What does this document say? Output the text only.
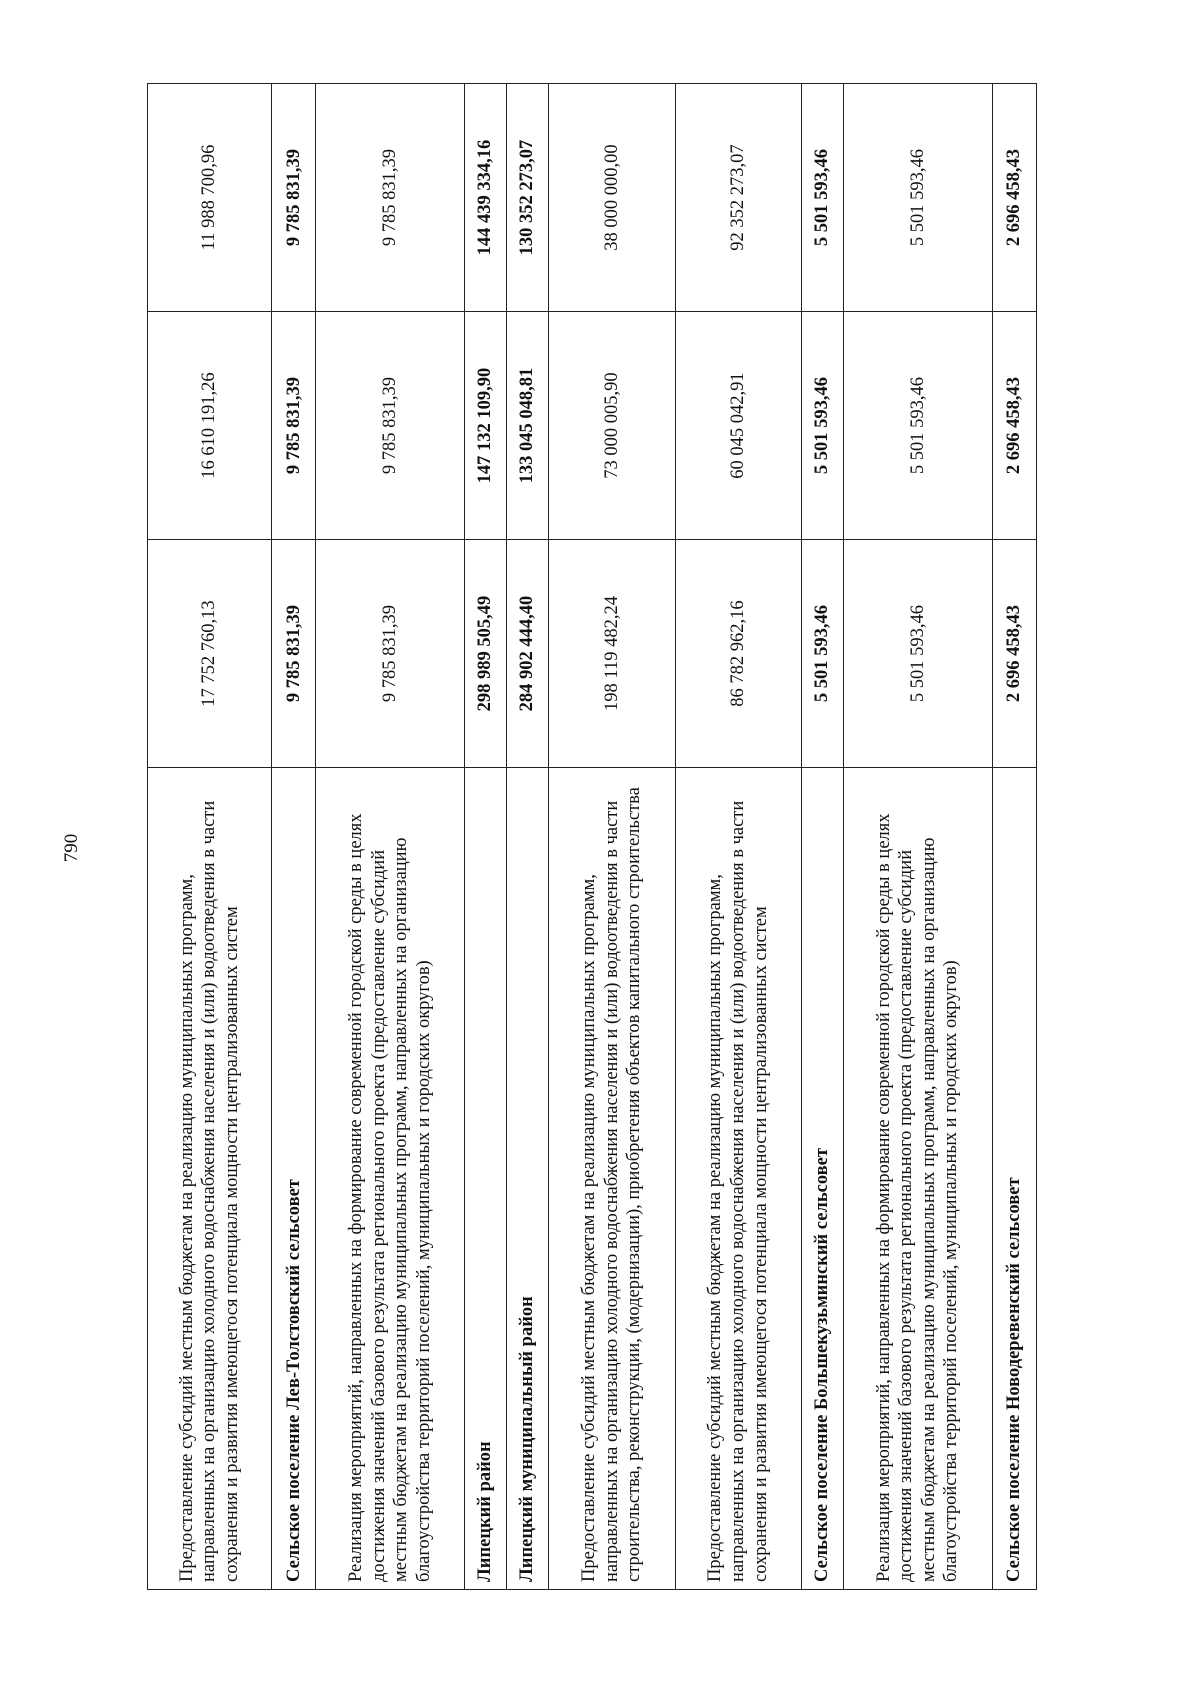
790
Предоставление субсидий местным бюджетам на реализацию муниципальных программ, направленных на организацию холодного водоснабжения населения и (или) водоотведения в части сохранения и развития имеющегося потенциала мощности централизованных систем	17 752 760,13	16 610 191,26	11 988 700,96
Сельское поселение Лев-Толстовский сельсовет	9 785 831,39	9 785 831,39	9 785 831,39
Реализация мероприятий, направленных на формирование современной городской среды в целях достижения значений базового результата регионального проекта (предоставление субсидий местным бюджетам на реализацию муниципальных программ, направленных на организацию благоустройства территорий поселений, муниципальных и городских округов)	9 785 831,39	9 785 831,39	9 785 831,39
Липецкий район	298 989 505,49	147 132 109,90	144 439 334,16
Липецкий муниципальный район	284 902 444,40	133 045 048,81	130 352 273,07
Предоставление субсидий местным бюджетам на реализацию муниципальных программ, направленных на организацию холодного водоснабжения населения и (или) водоотведения в части строительства, реконструкции, (модернизации), приобретения объектов капитального строительства	198 119 482,24	73 000 005,90	38 000 000,00
Предоставление субсидий местным бюджетам на реализацию муниципальных программ, направленных на организацию холодного водоснабжения населения и (или) водоотведения в части сохранения и развития имеющегося потенциала мощности централизованных систем	86 782 962,16	60 045 042,91	92 352 273,07
Сельское поселение Большекузьминский сельсовет	5 501 593,46	5 501 593,46	5 501 593,46
Реализация мероприятий, направленных на формирование современной городской среды в целях достижения значений базового результата регионального проекта (предоставление субсидий местным бюджетам на реализацию муниципальных программ, направленных на организацию благоустройства территорий поселений, муниципальных и городских округов)	5 501 593,46	5 501 593,46	5 501 593,46
Сельское поселение Новодеревенский сельсовет	2 696 458,43	2 696 458,43	2 696 458,43
